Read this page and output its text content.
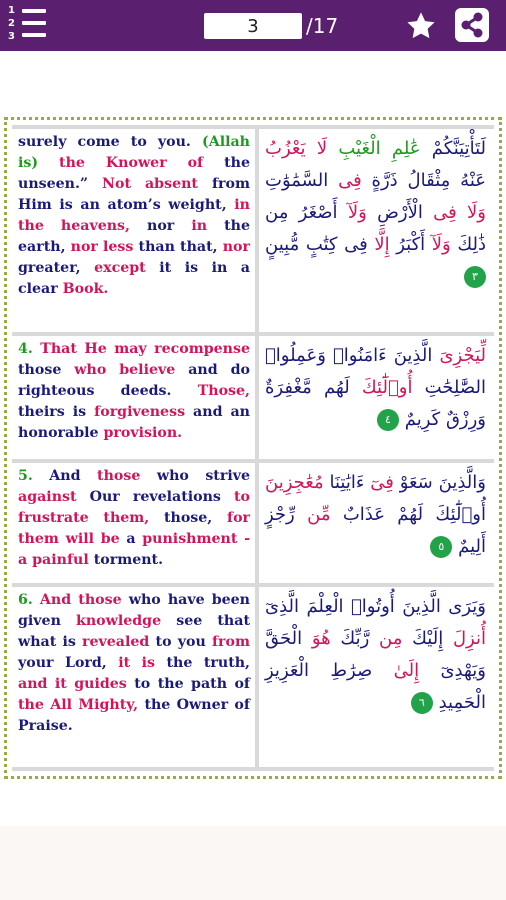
1
2
3
3	/17
surely come to you. (Allah is) the Knower of the unseen.” Not absent from Him is an atom’s weight, in the heavens, nor in the earth, nor less than that, nor greater, except it is in a clear Book.
لَتَأْتِيَنَّكُمْ عَٰلِمِ الْغَيْبِ لَا يَعْزُبُ عَنْهُ مِثْقَالُ ذَرَّةٍ فِى السَّمَٰوَٰتِ وَلَا فِى الْأَرْضِ وَلَآ أَصْغَرُ مِن ذَٰلِكَ وَلَآ أَكْبَرُ إِلَّا فِى كِتَٰبٍ مُّبِينٍ ٣
4. That He may recompense those who believe and do righteous deeds. Those, theirs is forgiveness and an honorable provision.
لِّيَجْزِىَ الَّذِينَ ءَامَنُوا۟ وَعَمِلُوا۟ الصَّٰلِحَٰتِ أُو۟لَٰٓئِكَ لَهُم مَّغْفِرَةٌ وَرِزْقٌ كَرِيمٌ ٤
5. And those who strive against Our revelations to frustrate them, those, for them will be a punishment - a painful torment.
وَالَّذِينَ سَعَوْ فِىٓ ءَايَٰتِنَا مُعَٰجِزِينَ أُو۟لَٰٓئِكَ لَهُمْ عَذَابٌ مِّن رِّجْزٍ أَلِيمٌ ٥
6. And those who have been given knowledge see that what is revealed to you from your Lord, it is the truth, and it guides to the path of the All Mighty, the Owner of Praise.
وَيَرَى الَّذِينَ أُوتُوا۟ الْعِلْمَ الَّذِىٓ أُنزِلَ إِلَيْكَ مِن رَّبِّكَ هُوَ الْحَقَّ وَيَهْدِىٓ إِلَىٰ صِرَٰطِ الْعَزِيزِ الْحَمِيدِ ٦
